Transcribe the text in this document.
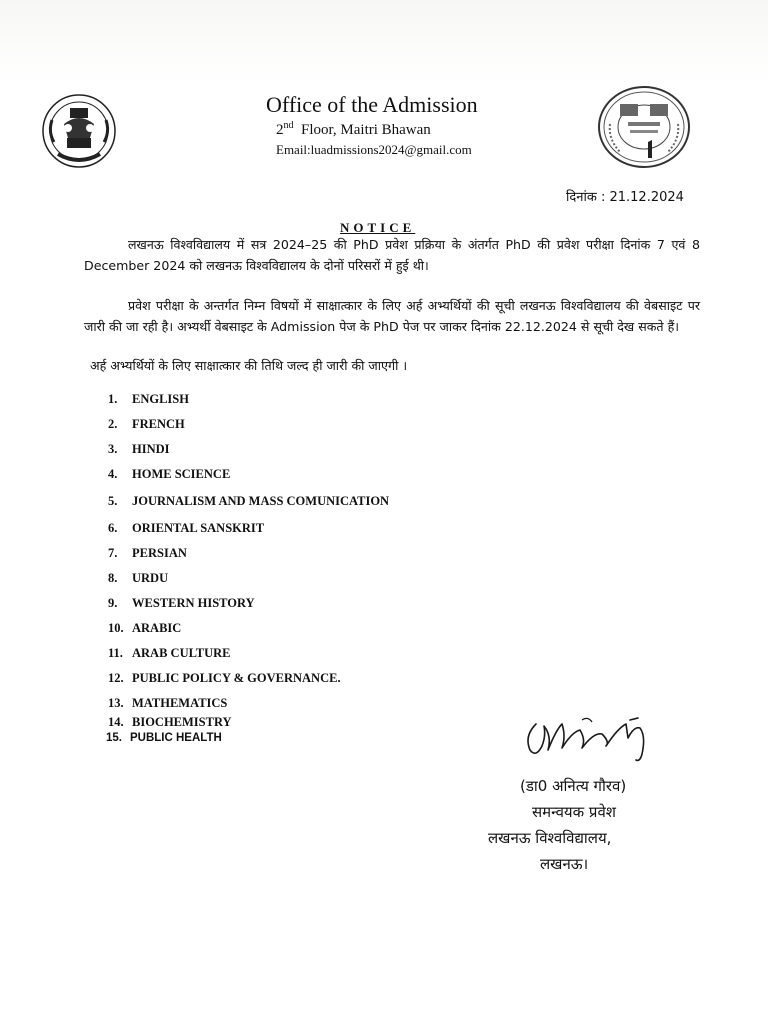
Office of the Admission
2nd Floor, Maitri Bhawan
Email:luadmissions2024@gmail.com
दिनांक : 21.12.2024
NOTICE
लखनऊ विश्वविद्यालय में सत्र 2024–25 की PhD प्रवेश प्रक्रिया के अंतर्गत PhD की प्रवेश परीक्षा दिनांक 7 एवं 8 December 2024 को लखनऊ विश्वविद्यालय के दोनों परिसरों में हुई थी।
प्रवेश परीक्षा के अन्तर्गत निम्न विषयों में साक्षात्कार के लिए अर्ह अभ्यर्थियों की सूची लखनऊ विश्वविद्यालय की वेबसाइट पर जारी की जा रही है। अभ्यर्थी वेबसाइट के Admission पेज के PhD पेज पर जाकर दिनांक 22.12.2024 से सूची देख सकते हैं।
अर्ह अभ्यर्थियों के लिए साक्षात्कार की तिथि जल्द ही जारी की जाएगी ।
1. ENGLISH
2. FRENCH
3. HINDI
4. HOME SCIENCE
5. JOURNALISM AND MASS COMUNICATION
6. ORIENTAL SANSKRIT
7. PERSIAN
8. URDU
9. WESTERN HISTORY
10. ARABIC
11. ARAB CULTURE
12. PUBLIC POLICY & GOVERNANCE.
13. MATHEMATICS
14. BIOCHEMISTRY
15. PUBLIC HEALTH
(डा0 अनित्य गौरव)
समन्वयक प्रवेश
लखनऊ विश्वविद्यालय,
लखनऊ।
